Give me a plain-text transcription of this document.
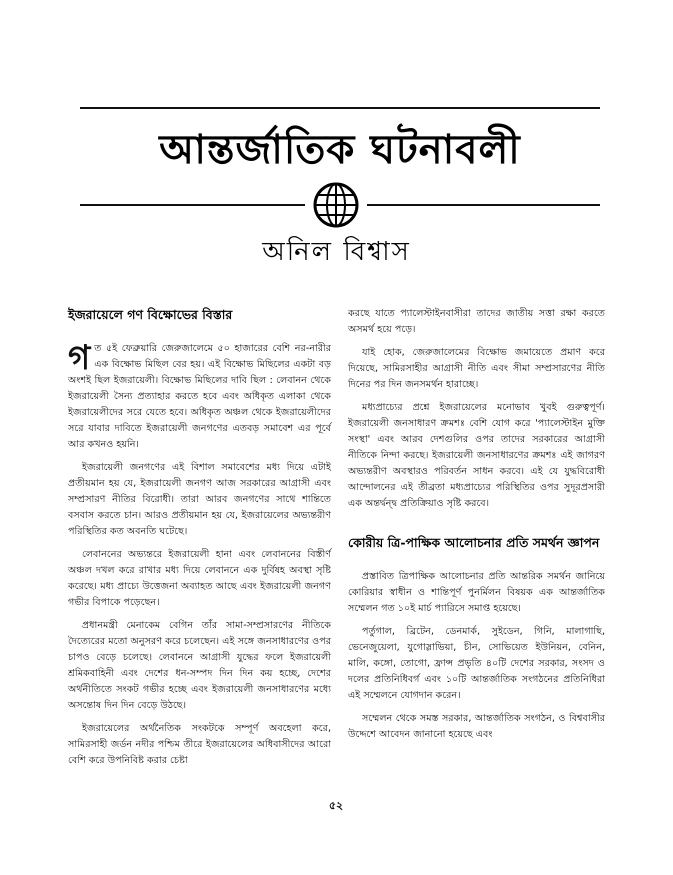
আন্তর্জাতিক ঘটনাবলী
অনিল বিশ্বাস
ইজরায়েলে গণ বিক্ষোভের বিস্তার

গত ৫ই ফেব্রুয়ারি জেরুজালেমে ৫০ হাজারের বেশি নর-নারীর এক বিক্ষোভ মিছিল বের হয়। এই বিক্ষোভ মিছিলের একটা বড় অংশই ছিল ইজরায়েলী। বিক্ষোভ মিছিলের দাবি ছিল : লেবানন থেকে ইজরায়েলী সৈন্য প্রত্যাহার করতে হবে এবং অধিকৃত এলাকা থেকে ইজরায়েলীদের সরে যেতে হবে। অধিকৃত অঞ্চল থেকে ইজরায়েলীদের সরে যাবার দাবিতে ইজরায়েলী জনগণের এতবড় সমাবেশ এর পূর্বে আর কখনও হয়নি।

ইজরায়েলী জনগণের এই বিশাল সমাবেশের মধ্য দিয়ে এটাই প্রতীয়মান হয় যে, ইজরায়েলী জনগণ আজ সরকারের আগ্রাসী এবং সম্প্রসারণ নীতির বিরোধী। তারা আরব জনগণের সাথে শান্তিতে বসবাস করতে চান। আরও প্রতীয়মান হয় যে, ইজরায়েলের অভ্যন্তরীণ পরিস্থিতির কত অবনতি ঘটেছে।

লেবাননের অভ্যন্তরে ইজরায়েলী হানা এবং লেবাননের বিস্তীর্ণ অঞ্চল দখল করে রাখার মধ্য দিয়ে লেবাননে এক দুর্বিষহ অবস্থা সৃষ্টি করেছে। মধ্য প্রাচ্যে উত্তেজনা অব্যাহত আছে এবং ইজরায়েলী জনগণ গভীর বিপাকে পড়েছেন।

প্রধানমন্ত্রী মেনাকেম বেগিন তাঁর সামা-সম্প্রসারণের নীতিকে দৈত্যেরের মতো অনুসরণ করে চলেছেন। এই সঙ্গে জনসাধারণের ওপর চাপও বেড়ে চলেছে। লেবাননে আগ্রাসী যুদ্ধের ফলে ইজরায়েলী শ্রমিকবাহিনী এবং দেশের ধন-সম্পদ দিন দিন কয় হচ্ছে, দেশের অর্থনীতিতে সংকট গভীর হচ্ছে এবং ইজরায়েলী জনসাধারণের মধ্যে অসন্তোষ দিন দিন বেড়ে উঠছে।

ইজরায়েলের অর্থনৈতিক সংকটকে সম্পূর্ণ অবহেলা করে, সামিরসাহী জর্ডন নদীর পশ্চিম তীরে ইজরায়েলের অধিবাসীদের আরো বেশি করে উপনিবিষ্ট করার চেষ্টা

করছে যাতে প্যালেস্টাইনবাসীরা তাদের জাতীয় সত্তা রক্ষা করতে অসমর্থ হয়ে পড়ে।

যাই হোক, জেরুজালেমের বিক্ষোভ জমায়েতে প্রমাণ করে দিয়েছে, সামিরসাহীর আগ্রাসী নীতি এবং সীমা সম্প্রসারণের নীতি দিনের পর দিন জনসমর্থন হারাচ্ছে।

মধ্যপ্রাচ্যের প্রশ্নে ইজরায়েলের মনোভাব খুবই গুরুত্বপূর্ণ। ইজরায়েলী জনসাধারণ ক্রমশঃ বেশি যোগ করে 'প্যালেস্টাইন মুক্তি সংস্থা' এবং আরব দেশগুলির ওপর তাদের সরকারের আগ্রাসী নীতিকে নিন্দা করছে। ইজরায়েলী জনসাধারণের ক্রমশঃ এই জাগরণ অভ্যন্তরীণ অবস্থারও পরিবর্তন সাধন করবে। এই যে যুদ্ধবিরোধী আন্দোলনের এই তীব্রতা মধ্যপ্রাচ্যের পরিস্থিতির ওপর সুদূরপ্রসারী এক অন্তর্দ্বন্দ্ব প্রতিক্রিয়াও সৃষ্টি করবে।

কোরীয় ত্রি-পাক্ষিক আলোচনার প্রতি সমর্থন জ্ঞাপন

প্রস্তাবিত ত্রিপাক্ষিক আলোচনার প্রতি আন্তরিক সমর্থন জানিয়ে কোরিয়ার স্বাধীন ও শান্তিপূর্ণ পুনর্মিলন বিষয়ক এক আন্তর্জাতিক সম্মেলন গত ১০ই মার্চ প্যারিসে সমাপ্ত হয়েছে।

পর্তুগাল, ব্রিটেন, ডেনমার্ক, সুইডেন, গিনি, মালাগাছি, ভেনেজুয়েলা, যুগোস্লাভিয়া, চীন, সোভিয়েত ইউনিয়ন, বেনিন, মালি, কঙ্গো, তোগো, ফ্রান্স প্রভৃতি ৪০টি দেশের সরকার, সংসদ ও দলের প্রতিনিধিবর্গ এবং ১০টি আন্তর্জাতিক সংগঠনের প্রতিনিধিরা এই সম্মেলনে যোগদান করেন।

সম্মেলন থেকে সমস্ত সরকার, আন্তর্জাতিক সংগঠন, ও বিশ্ববাসীর উদ্দেশে আবেদন জানানো হয়েছে এবং

৫২
